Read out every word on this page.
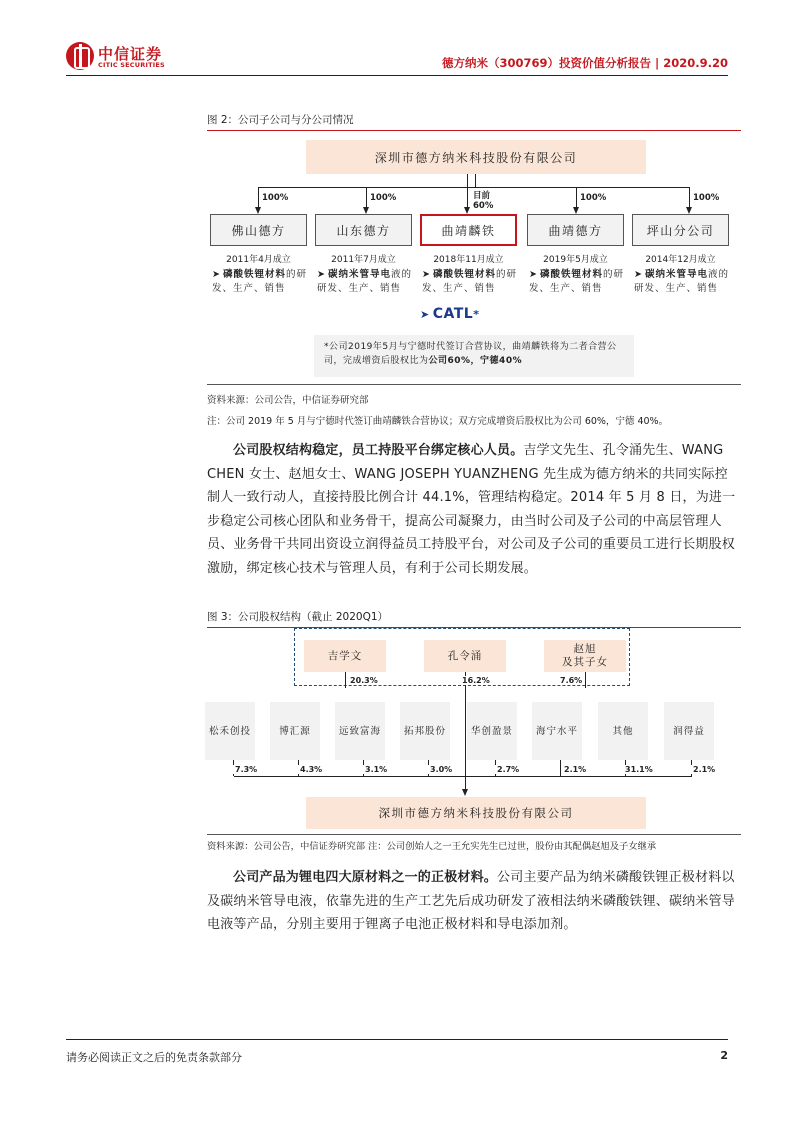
中信证券
CITIC SECURITIES	德方纳米（300769）投资价值分析报告 | 2020.9.20
图 2：公司子公司与分公司情况
深圳市德方纳米科技股份有限公司
100%	100%	目前
60%
100%	100%
佛山德方	山东德方	曲靖麟铁	曲靖德方	坪山分公司
2011年4月成立	2011年7月成立	2018年11月成立	2019年5月成立	2014年12月成立
➤ 磷酸铁锂材料的研发、生产、销售
➤ 碳纳米管导电液的研发、生产、销售
➤ 磷酸铁锂材料的研发、生产、销售
➤ 磷酸铁锂材料的研发、生产、销售
➤ 碳纳米管导电液的研发、生产、销售
➤ CATL*
*公司2019年5月与宁德时代签订合营协议，曲靖麟铁将为二者合营公司，完成增资后股权比为公司60%，宁德40%
资料来源：公司公告，中信证券研究部
注：公司 2019 年 5 月与宁德时代签订曲靖麟铁合营协议；双方完成增资后股权比为公司 60%，宁德 40%。
公司股权结构稳定，员工持股平台绑定核心人员。吉学文先生、孔令涌先生、WANG CHEN 女士、赵旭女士、WANG JOSEPH YUANZHENG 先生成为德方纳米的共同实际控制人一致行动人，直接持股比例合计 44.1%，管理结构稳定。2014 年 5 月 8 日，为进一步稳定公司核心团队和业务骨干，提高公司凝聚力，由当时公司及子公司的中高层管理人员、业务骨干共同出资设立润得益员工持股平台，对公司及子公司的重要员工进行长期股权激励，绑定核心技术与管理人员，有利于公司长期发展。
图 3：公司股权结构（截止 2020Q1）
吉学文	孔令涌
赵旭
及其子女
20.3%	16.2%	7.6%
松禾创投	博汇源	远致富海	拓邦股份	华创盈景	海宁水平	其他	润得益
7.3%	4.3%	3.1%	3.0%	2.7%	2.1%	31.1%	2.1%
深圳市德方纳米科技股份有限公司
资料来源：公司公告，中信证券研究部 注：公司创始人之一王允实先生已过世，股份由其配偶赵旭及子女继承
公司产品为锂电四大原材料之一的正极材料。公司主要产品为纳米磷酸铁锂正极材料以及碳纳米管导电液，依靠先进的生产工艺先后成功研发了液相法纳米磷酸铁锂、碳纳米管导电液等产品，分别主要用于锂离子电池正极材料和导电添加剂。
请务必阅读正文之后的免责条款部分	2
